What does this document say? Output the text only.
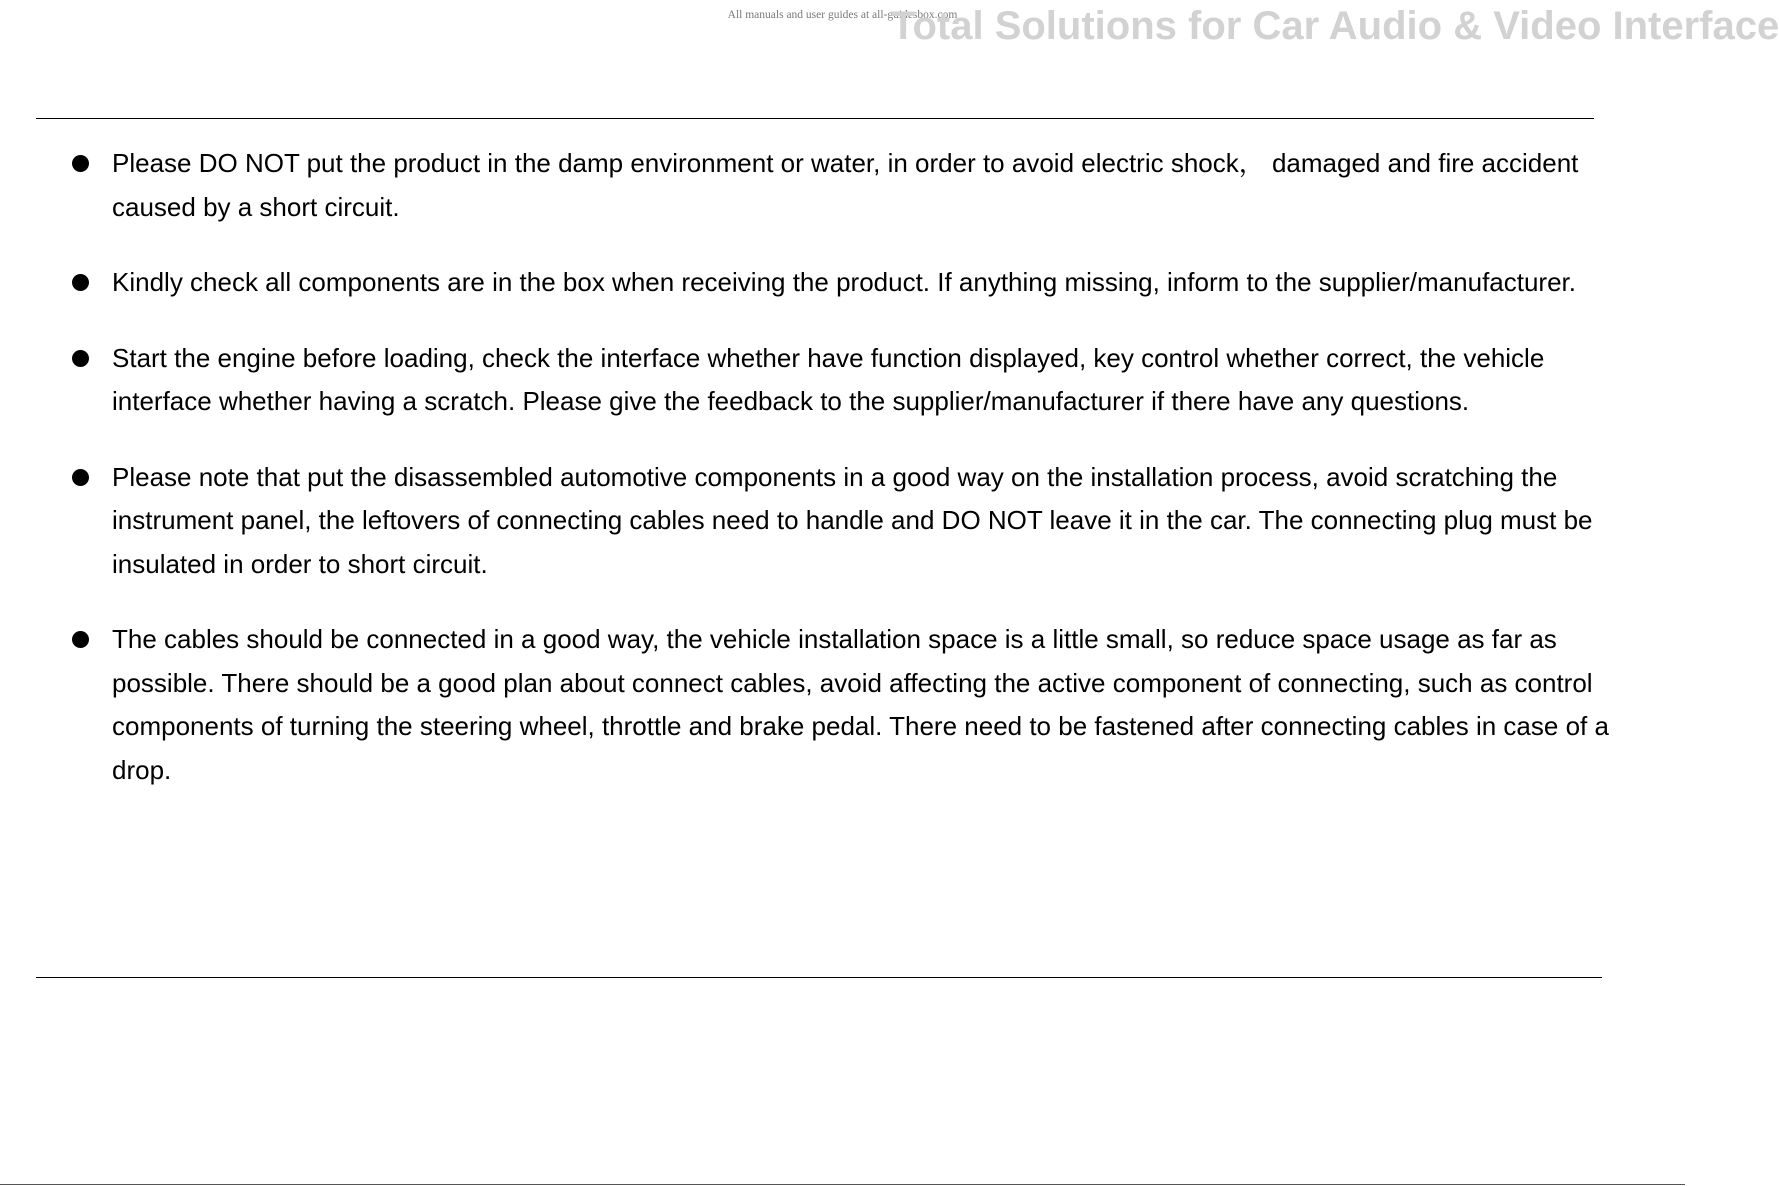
All manuals and user guides at all-guidesbox.com
Total Solutions for Car Audio & Video Interface
Please DO NOT put the product in the damp environment or water, in order to avoid electric shock， damaged and fire accident caused by a short circuit.
Kindly check all components are in the box when receiving the product. If anything missing, inform to the supplier/manufacturer.
Start the engine before loading, check the interface whether have function displayed, key control whether correct, the vehicle interface whether having a scratch. Please give the feedback to the supplier/manufacturer if there have any questions.
Please note that put the disassembled automotive components in a good way on the installation process, avoid scratching the instrument panel, the leftovers of connecting cables need to handle and DO NOT leave it in the car. The connecting plug must be insulated in order to short circuit.
The cables should be connected in a good way, the vehicle installation space is a little small, so reduce space usage as far as possible. There should be a good plan about connect cables, avoid affecting the active component of connecting, such as control components of turning the steering wheel, throttle and brake pedal. There need to be fastened after connecting cables in case of a drop.
